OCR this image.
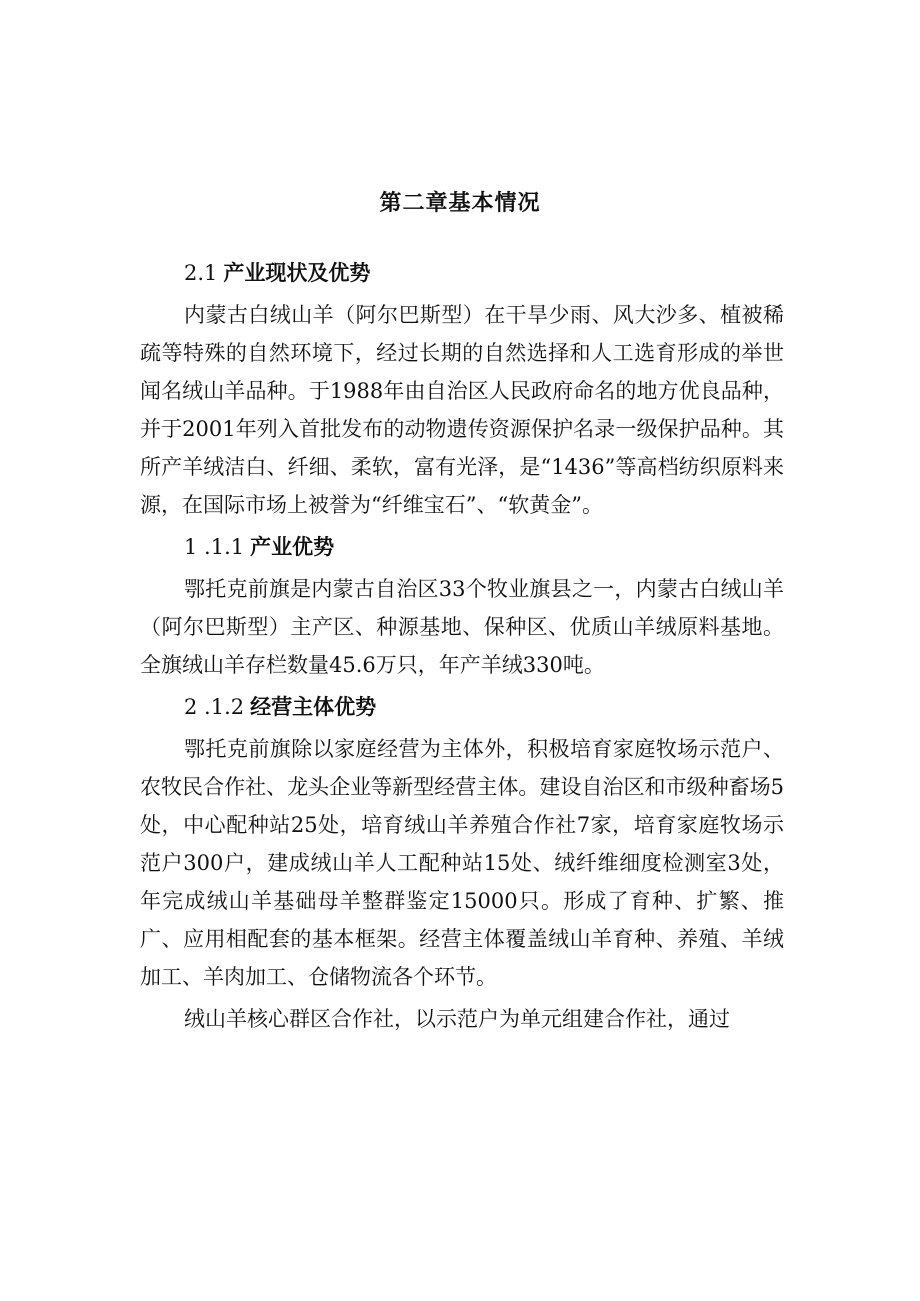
第二章基本情况
2.1 产业现状及优势

内蒙古白绒山羊（阿尔巴斯型）在干旱少雨、风大沙多、植被稀疏等特殊的自然环境下，经过长期的自然选择和人工选育形成的举世闻名绒山羊品种。于1988年由自治区人民政府命名的地方优良品种，并于2001年列入首批发布的动物遗传资源保护名录一级保护品种。其所产羊绒洁白、纤细、柔软，富有光泽，是“1436”等高档纺织原料来源，在国际市场上被誉为“纤维宝石”、“软黄金”。

1 .1.1 产业优势

鄂托克前旗是内蒙古自治区33个牧业旗县之一，内蒙古白绒山羊（阿尔巴斯型）主产区、种源基地、保种区、优质山羊绒原料基地。全旗绒山羊存栏数量45.6万只，年产羊绒330吨。

2 .1.2 经营主体优势

鄂托克前旗除以家庭经营为主体外，积极培育家庭牧场示范户、农牧民合作社、龙头企业等新型经营主体。建设自治区和市级种畜场5处，中心配种站25处，培育绒山羊养殖合作社7家，培育家庭牧场示范户300户，建成绒山羊人工配种站15处、绒纤维细度检测室3处，年完成绒山羊基础母羊整群鉴定15000只。形成了育种、扩繁、推广、应用相配套的基本框架。经营主体覆盖绒山羊育种、养殖、羊绒加工、羊肉加工、仓储物流各个环节。

绒山羊核心群区合作社，以示范户为单元组建合作社，通过
